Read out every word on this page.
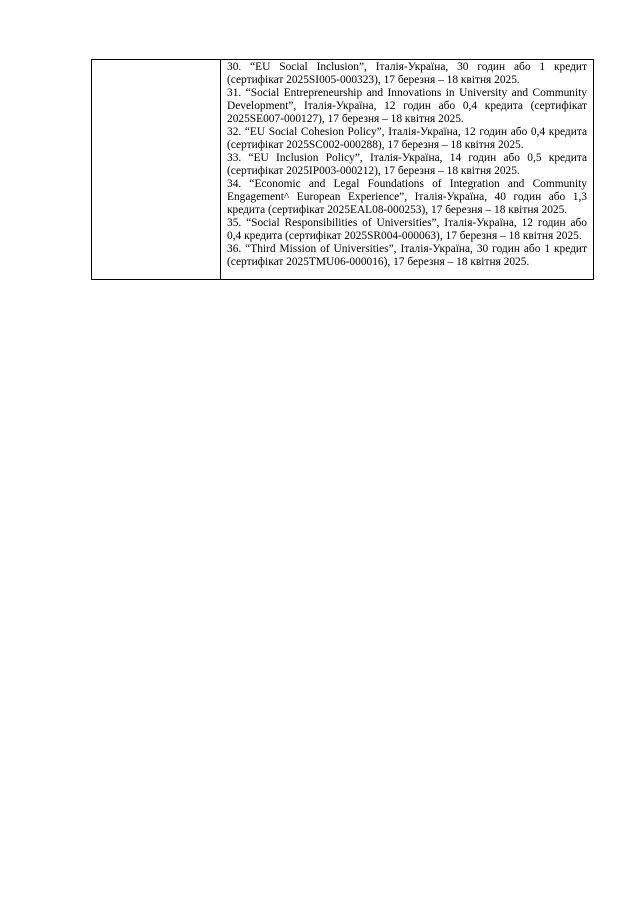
30. “EU Social Inclusion”, Італія-Україна, 30 годин або 1 кредит (сертифікат 2025SI005-000323), 17 березня – 18 квітня 2025.

31. “Social Entrepreneurship and Innovations in University and Community Development”, Італія-Україна, 12 годин або 0,4 кредита (сертифікат 2025SE007-000127), 17 березня – 18 квітня 2025.

32. “EU Social Cohesion Policy”, Італія-Україна, 12 годин або 0,4 кредита (сертифікат 2025SC002-000288), 17 березня – 18 квітня 2025.

33. “EU Inclusion Policy”, Італія-Україна, 14 годин або 0,5 кредита (сертифікат 2025IP003-000212), 17 березня – 18 квітня 2025.

34. “Economic and Legal Foundations of Integration and Community Engagement^ European Experience”, Італія-Україна, 40 годин або 1,3 кредита (сертифікат 2025EAL08-000253), 17 березня – 18 квітня 2025.

35. “Social Responsibilities of Universities”, Італія-Україна, 12 годин або 0,4 кредита (сертифікат 2025SR004-000063), 17 березня – 18 квітня 2025.

36. “Third Mission of Universities”, Італія-Україна, 30 годин або 1 кредит (сертифікат 2025TMU06-000016), 17 березня – 18 квітня 2025.
